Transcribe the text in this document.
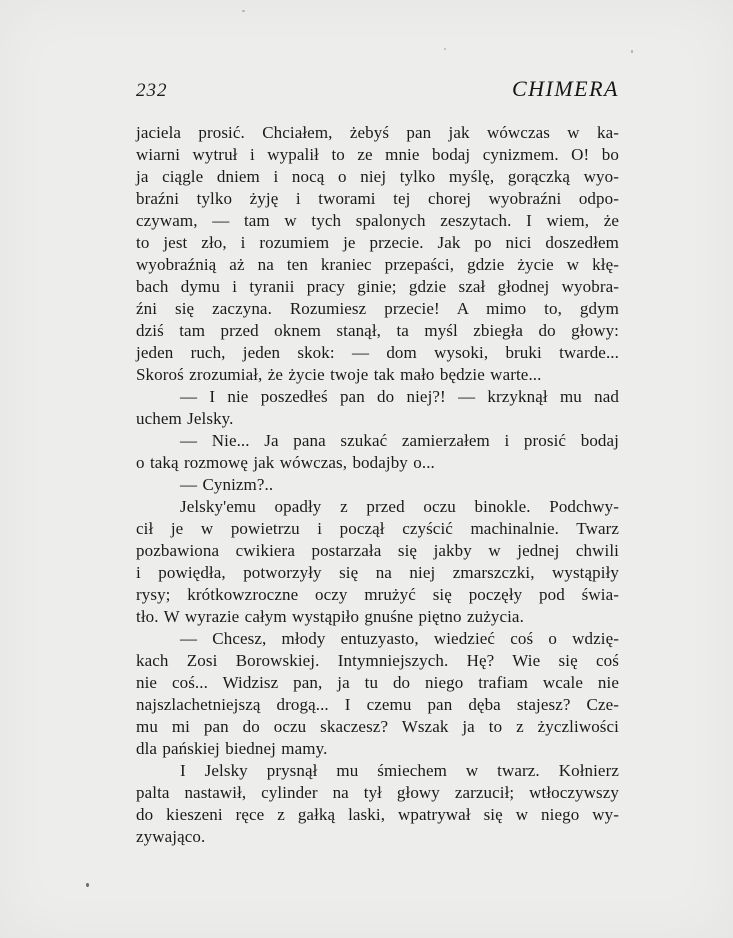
232	CHIMERA
jaciela prosić. Chciałem, żebyś pan jak wówczas w ka-
wiarni wytruł i wypalił to ze mnie bodaj cynizmem. O! bo
ja ciągle dniem i nocą o niej tylko myślę, gorączką wyo-
braźni tylko żyję i tworami tej chorej wyobraźni odpo-
czywam, — tam w tych spalonych zeszytach. I wiem, że
to jest zło, i rozumiem je przecie. Jak po nici doszedłem
wyobraźnią aż na ten kraniec przepaści, gdzie życie w kłę-
bach dymu i tyranii pracy ginie; gdzie szał głodnej wyobra-
źni się zaczyna. Rozumiesz przecie! A mimo to, gdym
dziś tam przed oknem stanął, ta myśl zbiegła do głowy:
jeden ruch, jeden skok: — dom wysoki, bruki twarde...
Skoroś zrozumiał, że życie twoje tak mało będzie warte...
— I nie poszedłeś pan do niej?! — krzyknął mu nad
uchem Jelsky.
— Nie... Ja pana szukać zamierzałem i prosić bodaj
o taką rozmowę jak wówczas, bodajby o...
— Cynizm?..
Jelsky'emu opadły z przed oczu binokle. Podchwy-
cił je w powietrzu i począł czyścić machinalnie. Twarz
pozbawiona cwikiera postarzała się jakby w jednej chwili
i powiędła, potworzyły się na niej zmarszczki, wystąpiły
rysy; krótkowzroczne oczy mrużyć się poczęły pod świa-
tło. W wyrazie całym wystąpiło gnuśne piętno zużycia.
— Chcesz, młody entuzyasto, wiedzieć coś o wdzię-
kach Zosi Borowskiej. Intymniejszych. Hę? Wie się coś
nie coś... Widzisz pan, ja tu do niego trafiam wcale nie
najszlachetniejszą drogą... I czemu pan dęba stajesz? Cze-
mu mi pan do oczu skaczesz? Wszak ja to z życzliwości
dla pańskiej biednej mamy.
I Jelsky prysnął mu śmiechem w twarz. Kołnierz
palta nastawił, cylinder na tył głowy zarzucił; wtłoczywszy
do kieszeni ręce z gałką laski, wpatrywał się w niego wy-
zywająco.
